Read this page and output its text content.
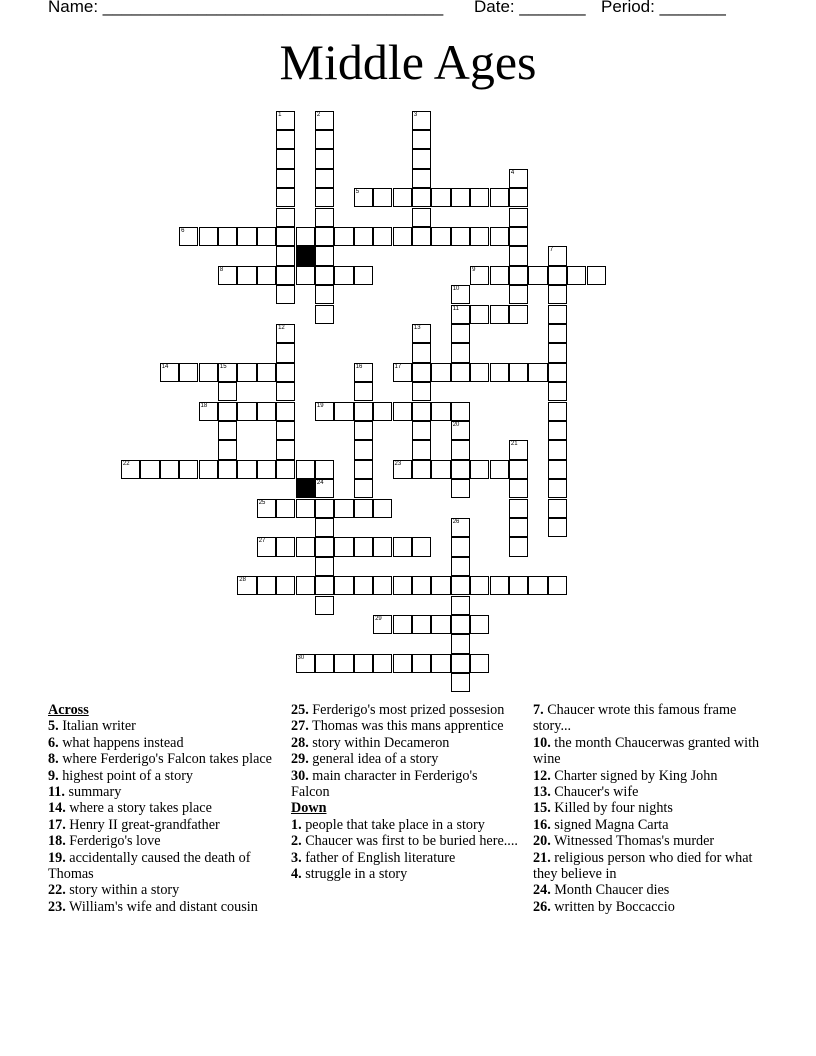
Name: ____________________________________ Date: _______ Period: _______
Middle Ages
5
6
8	9
11
14	15	17
18	19
22	23
25
27
28
29
30
1	2	3
4
7
10
12	13
16
20
21
24
26
Across
5. Italian writer
6. what happens instead
8. where Ferderigo's Falcon takes place
9. highest point of a story
11. summary
14. where a story takes place
17. Henry II great-grandfather
18. Ferderigo's love
19. accidentally caused the death of Thomas
22. story within a story
23. William's wife and distant cousin
25. Ferderigo's most prized possesion
27. Thomas was this mans apprentice
28. story within Decameron
29. general idea of a story
30. main character in Ferderigo's Falcon
Down
1. people that take place in a story
2. Chaucer was first to be buried here....
3. father of English literature
4. struggle in a story
7. Chaucer wrote this famous frame story...
10. the month Chaucerwas granted with wine
12. Charter signed by King John
13. Chaucer's wife
15. Killed by four nights
16. signed Magna Carta
20. Witnessed Thomas's murder
21. religious person who died for what they believe in
24. Month Chaucer dies
26. written by Boccaccio
